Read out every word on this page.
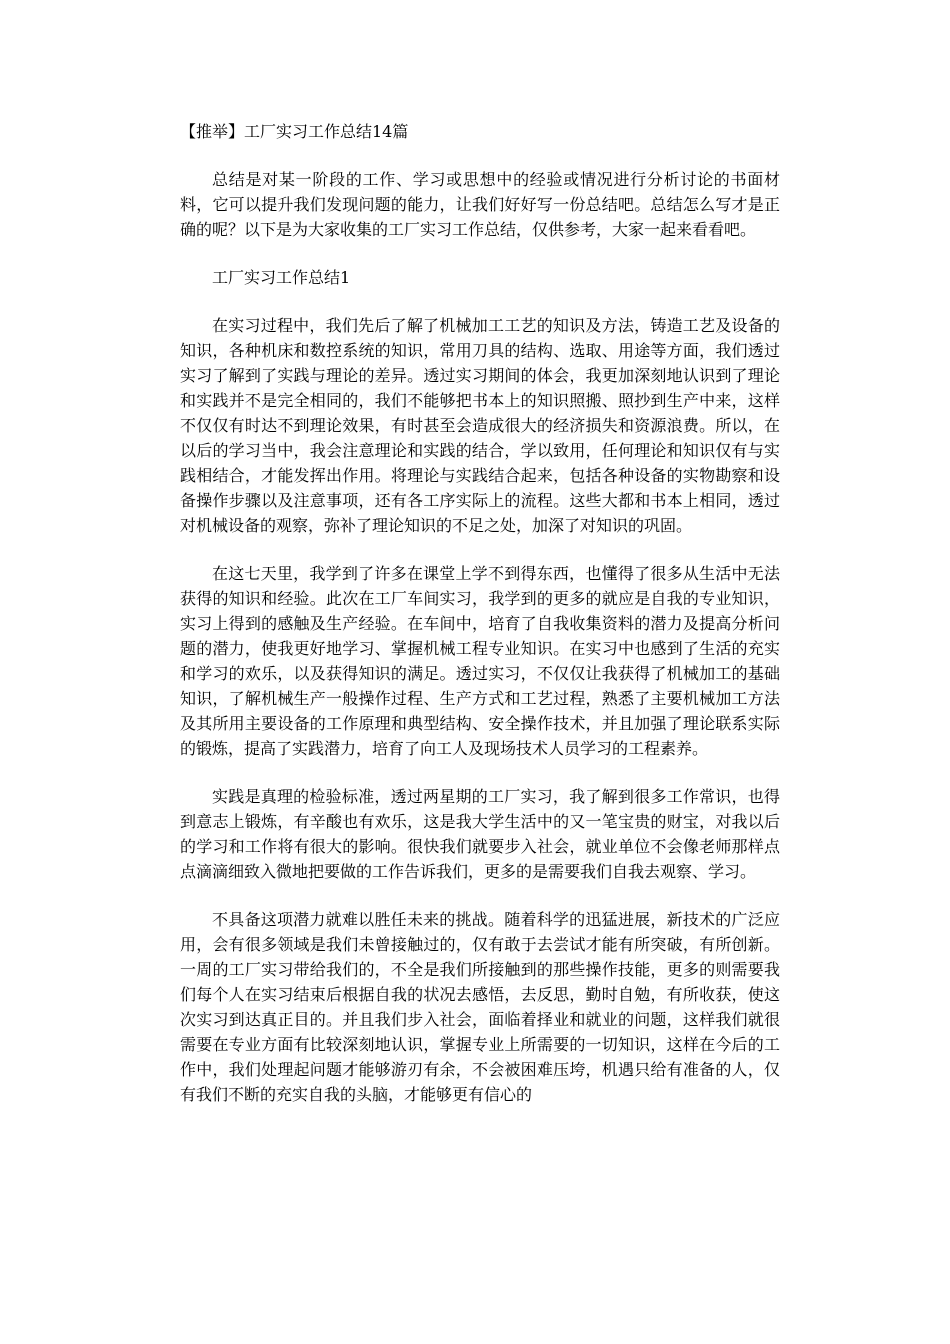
【推举】工厂实习工作总结14篇

总结是对某一阶段的工作、学习或思想中的经验或情况进行分析讨论的书面材料，它可以提升我们发现问题的能力，让我们好好写一份总结吧。总结怎么写才是正确的呢？以下是为大家收集的工厂实习工作总结，仅供参考，大家一起来看看吧。

工厂实习工作总结1

在实习过程中，我们先后了解了机械加工工艺的知识及方法，铸造工艺及设备的知识，各种机床和数控系统的知识，常用刀具的结构、选取、用途等方面，我们透过实习了解到了实践与理论的差异。透过实习期间的体会，我更加深刻地认识到了理论和实践并不是完全相同的，我们不能够把书本上的知识照搬、照抄到生产中来，这样不仅仅有时达不到理论效果，有时甚至会造成很大的经济损失和资源浪费。所以，在以后的学习当中，我会注意理论和实践的结合，学以致用，任何理论和知识仅有与实践相结合，才能发挥出作用。将理论与实践结合起来，包括各种设备的实物勘察和设备操作步骤以及注意事项，还有各工序实际上的流程。这些大都和书本上相同，透过对机械设备的观察，弥补了理论知识的不足之处，加深了对知识的巩固。

在这七天里，我学到了许多在课堂上学不到得东西，也懂得了很多从生活中无法获得的知识和经验。此次在工厂车间实习，我学到的更多的就应是自我的专业知识，实习上得到的感触及生产经验。在车间中，培育了自我收集资料的潜力及提高分析问题的潜力，使我更好地学习、掌握机械工程专业知识。在实习中也感到了生活的充实和学习的欢乐，以及获得知识的满足。透过实习，不仅仅让我获得了机械加工的基础知识，了解机械生产一般操作过程、生产方式和工艺过程，熟悉了主要机械加工方法及其所用主要设备的工作原理和典型结构、安全操作技术，并且加强了理论联系实际的锻炼，提高了实践潜力，培育了向工人及现场技术人员学习的工程素养。

实践是真理的检验标准，透过两星期的工厂实习，我了解到很多工作常识，也得到意志上锻炼，有辛酸也有欢乐，这是我大学生活中的又一笔宝贵的财宝，对我以后的学习和工作将有很大的影响。很快我们就要步入社会，就业单位不会像老师那样点点滴滴细致入微地把要做的工作告诉我们，更多的是需要我们自我去观察、学习。

不具备这项潜力就难以胜任未来的挑战。随着科学的迅猛进展，新技术的广泛应用，会有很多领域是我们未曾接触过的，仅有敢于去尝试才能有所突破，有所创新。一周的工厂实习带给我们的，不全是我们所接触到的那些操作技能，更多的则需要我们每个人在实习结束后根据自我的状况去感悟，去反思，勤时自勉，有所收获，使这次实习到达真正目的。并且我们步入社会，面临着择业和就业的问题，这样我们就很需要在专业方面有比较深刻地认识，掌握专业上所需要的一切知识，这样在今后的工作中，我们处理起问题才能够游刃有余，不会被困难压垮，机遇只给有准备的人，仅有我们不断的充实自我的头脑，才能够更有信心的
